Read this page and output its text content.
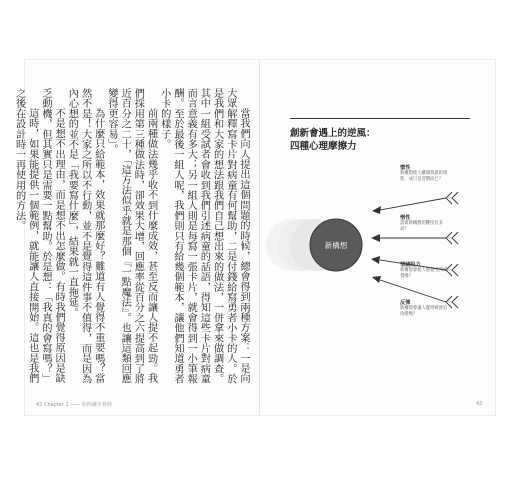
當我們向人提出這個問題的時候，總會得到兩種方案：一是向大眾解釋寫卡片對病童有何幫助，二是付錢給寫勇者小卡的人。於是我們和大家的想法跟我們自己想出來的做法，一併拿來做調查。其中一組受試者會收到我們引述病童的話語，得知這些卡片對病童而言意義有多大；另一組人則是每寫一張卡片，就會得到一小筆報酬。至於最後一組人呢，我們則只有給幾個範本，讓他們知道勇者小卡的樣子。

前兩種做法幾乎收不到什麼成效，甚至反而讓人提不起勁。我們採用第三種做法時，卻效果大增，回應率從百分之六提高到了將近百分之二十，「這方法似乎就是那個『一點魔法』。也讓這類回應變得更容易」。

為什麼只給範本，效果就那麼好？難道有人覺得不重要嗎？當然不是！大家之所以不行動，並不是覺得這件事不值得，而是因為內心想的並不是「我要寫什麼」，結果就一直拖延。

不是想不出理由，而是想不出怎麼做。有時我們覺得原因是缺乏動機，但其實只是需要一點幫助。於是想：「我真的會寫嗎？」

這時，如果能提供一個範例，就能讓人直接開始。這也是我們之後在設計時一再使用的方法。

42 Chapter 1 —— 如何讓手發熱
創新會遇上的逆風：
四種心理摩擦力
新構想
慣性
新構想使人離開熟悉的現狀，成只是習慣而已？
惰性
落實新構想的難度有多高？
情緒阻力
新構想會使人感覺受到威脅嗎？
反彈
新構想會讓人覺得被強迫改變嗎？
43
